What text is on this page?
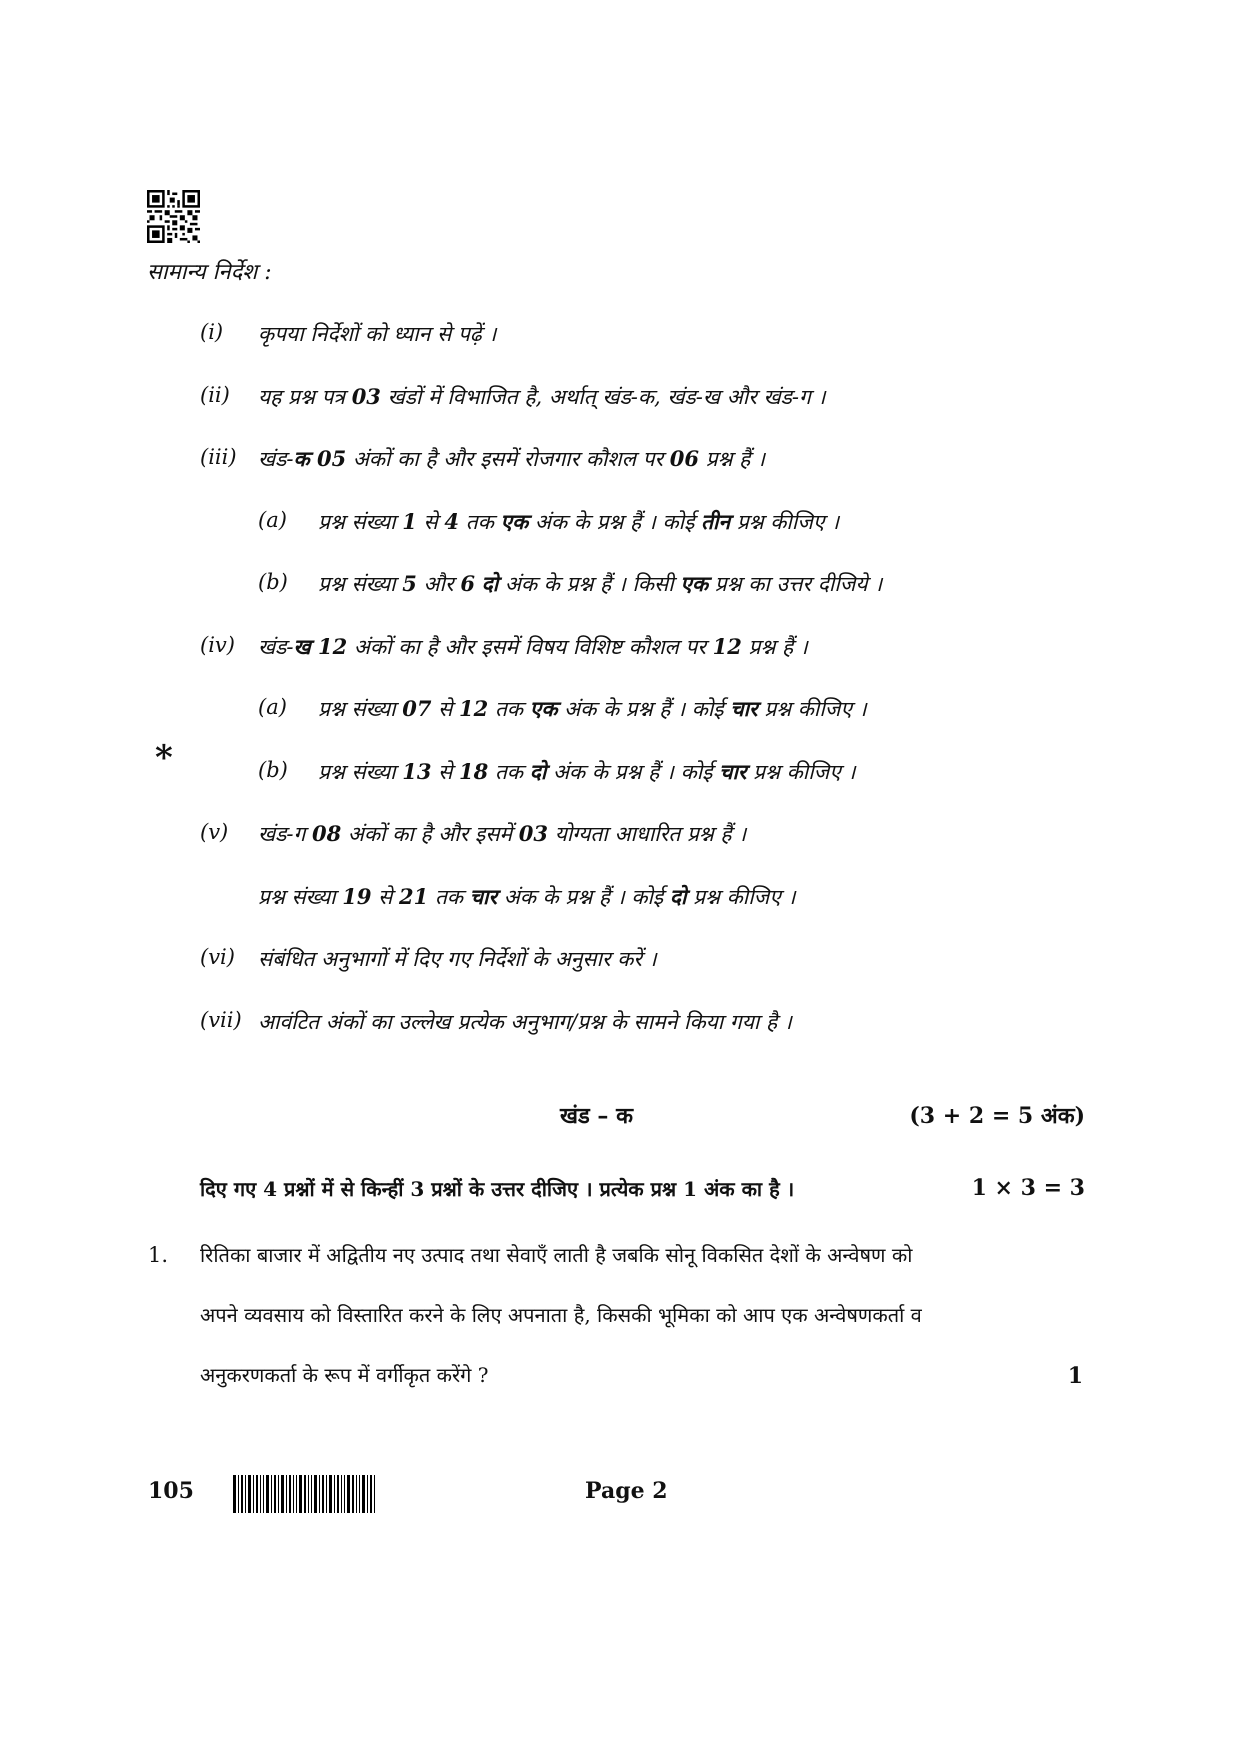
सामान्य निर्देश :
(i) कृपया निर्देशों को ध्यान से पढ़ें ।
(ii) यह प्रश्न पत्र 03 खंडों में विभाजित है, अर्थात् खंड-क, खंड-ख और खंड-ग ।
(iii) खंड-क 05 अंकों का है और इसमें रोजगार कौशल पर 06 प्रश्न हैं ।
(a) प्रश्न संख्या 1 से 4 तक एक अंक के प्रश्न हैं । कोई तीन प्रश्न कीजिए ।
(b) प्रश्न संख्या 5 और 6 दो अंक के प्रश्न हैं । किसी एक प्रश्न का उत्तर दीजिये ।
(iv) खंड-ख 12 अंकों का है और इसमें विषय विशिष्ट कौशल पर 12 प्रश्न हैं ।
(a) प्रश्न संख्या 07 से 12 तक एक अंक के प्रश्न हैं । कोई चार प्रश्न कीजिए ।
*	(b) प्रश्न संख्या 13 से 18 तक दो अंक के प्रश्न हैं । कोई चार प्रश्न कीजिए ।
(v) खंड-ग 08 अंकों का है और इसमें 03 योग्यता आधारित प्रश्न हैं ।
प्रश्न संख्या 19 से 21 तक चार अंक के प्रश्न हैं । कोई दो प्रश्न कीजिए ।
(vi) संबंधित अनुभागों में दिए गए निर्देशों के अनुसार करें ।
(vii) आवंटित अंकों का उल्लेख प्रत्येक अनुभाग/प्रश्न के सामने किया गया है ।
खंड – क	(3 + 2 = 5 अंक)
दिए गए 4 प्रश्नों में से किन्हीं 3 प्रश्नों के उत्तर दीजिए । प्रत्येक प्रश्न 1 अंक का है ।	1 × 3 = 3
1. रितिका बाजार में अद्वितीय नए उत्पाद तथा सेवाएँ लाती है जबकि सोनू विकसित देशों के अन्वेषण को
अपने व्यवसाय को विस्तारित करने के लिए अपनाता है, किसकी भूमिका को आप एक अन्वेषणकर्ता व
अनुकरणकर्ता के रूप में वर्गीकृत करेंगे ?	1
105	Page 2
